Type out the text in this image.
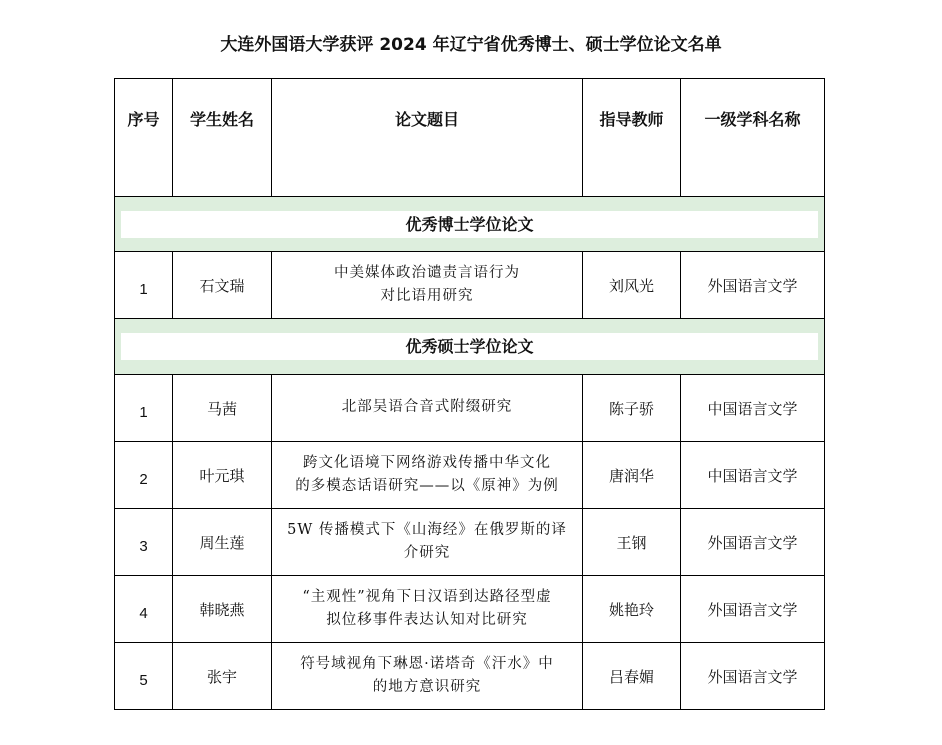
大连外国语大学获评 2024 年辽宁省优秀博士、硕士学位论文名单
序号	学生姓名	论文题目	指导教师	一级学科名称

优秀博士学位论文				

1	石文瑞	中美媒体政治谴责言语行为
对比语用研究	刘风光	外国语言文学

优秀硕士学位论文				

1	马茜	北部吴语合音式附缀研究	陈子骄	中国语言文学
2	叶元琪	跨文化语境下网络游戏传播中华文化
的多模态话语研究——以《原神》为例	唐润华	中国语言文学
3	周生莲	5W 传播模式下《山海经》在俄罗斯的译
介研究	王钢	外国语言文学
4	韩晓燕	“主观性”视角下日汉语到达路径型虚
拟位移事件表达认知对比研究	姚艳玲	外国语言文学
5	张宇	符号域视角下琳恩·诺塔奇《汗水》中
的地方意识研究	吕春媚	外国语言文学
